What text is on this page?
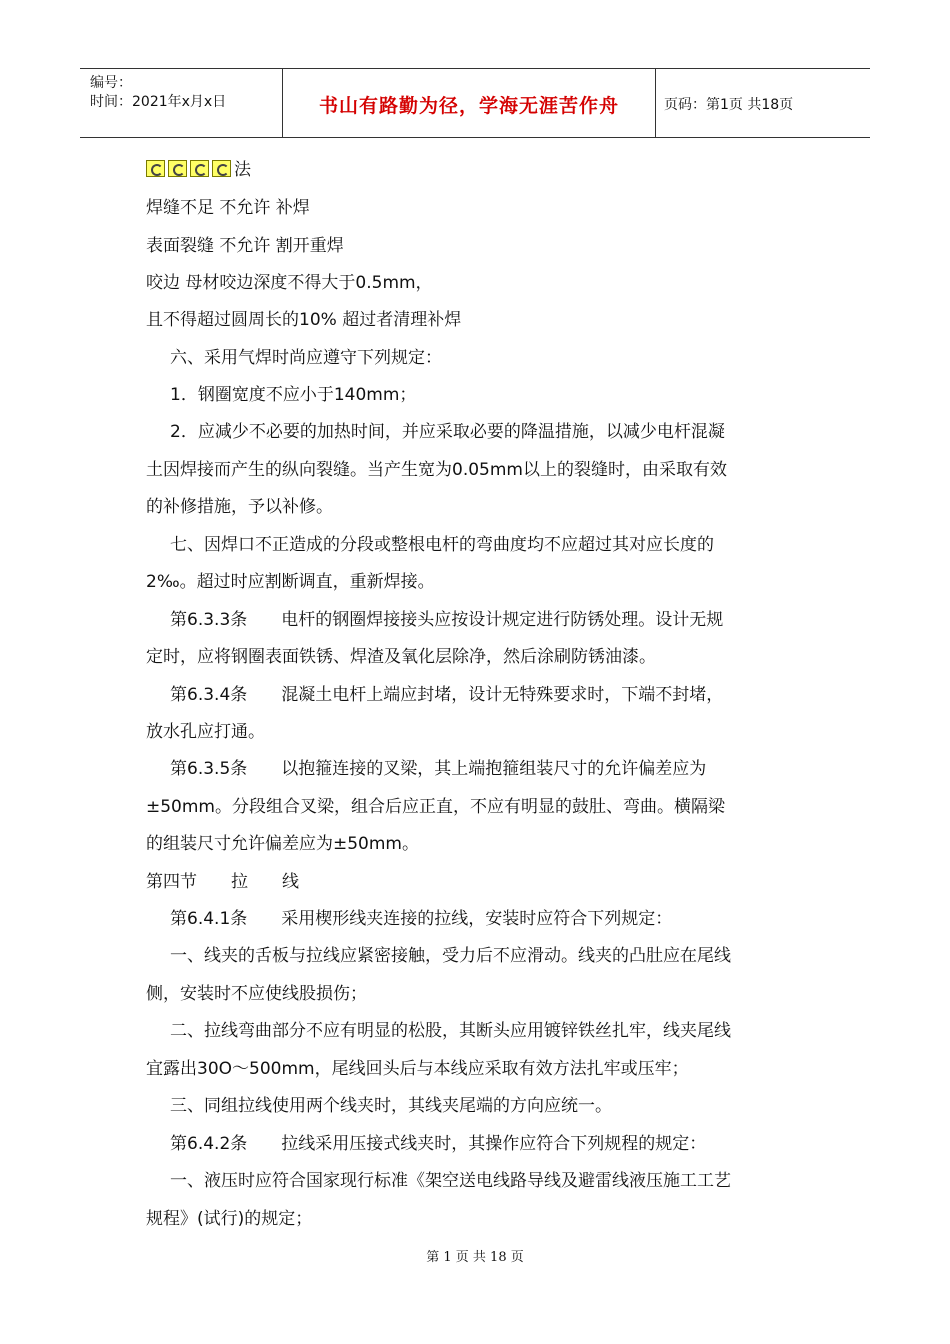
编号：
时间：2021年x月x日	书山有路勤为径，学海无涯苦作舟	页码：第1页 共18页
法
焊缝不足 不允许 补焊
表面裂缝 不允许 割开重焊
咬边 母材咬边深度不得大于0.5mm，
且不得超过圆周长的10% 超过者清理补焊
六、采用气焊时尚应遵守下列规定：
1．钢圈宽度不应小于140mm；
2．应减少不必要的加热时间，并应采取必要的降温措施，以减少电杆混凝
土因焊接而产生的纵向裂缝。当产生宽为0.05mm以上的裂缝时，由采取有效
的补修措施，予以补修。
七、因焊口不正造成的分段或整根电杆的弯曲度均不应超过其对应长度的
2‰。超过时应割断调直，重新焊接。
第6.3.3条 电杆的钢圈焊接接头应按设计规定进行防锈处理。设计无规
定时，应将钢圈表面铁锈、焊渣及氧化层除净，然后涂刷防锈油漆。
第6.3.4条 混凝土电杆上端应封堵，设计无特殊要求时，下端不封堵，
放水孔应打通。
第6.3.5条 以抱箍连接的叉梁，其上端抱箍组装尺寸的允许偏差应为
±50mm。分段组合叉梁，组合后应正直，不应有明显的鼓肚、弯曲。横隔梁
的组装尺寸允许偏差应为±50mm。
第四节 拉 线
第6.4.1条 采用楔形线夹连接的拉线，安装时应符合下列规定：
一、线夹的舌板与拉线应紧密接触，受力后不应滑动。线夹的凸肚应在尾线
侧，安装时不应使线股损伤；
二、拉线弯曲部分不应有明显的松股，其断头应用镀锌铁丝扎牢，线夹尾线
宜露出30O～500mm，尾线回头后与本线应采取有效方法扎牢或压牢；
三、同组拉线使用两个线夹时，其线夹尾端的方向应统一。
第6.4.2条 拉线采用压接式线夹时，其操作应符合下列规程的规定：
一、液压时应符合国家现行标准《架空送电线路导线及避雷线液压施工工艺
规程》(试行)的规定；
第 1 页 共 18 页
